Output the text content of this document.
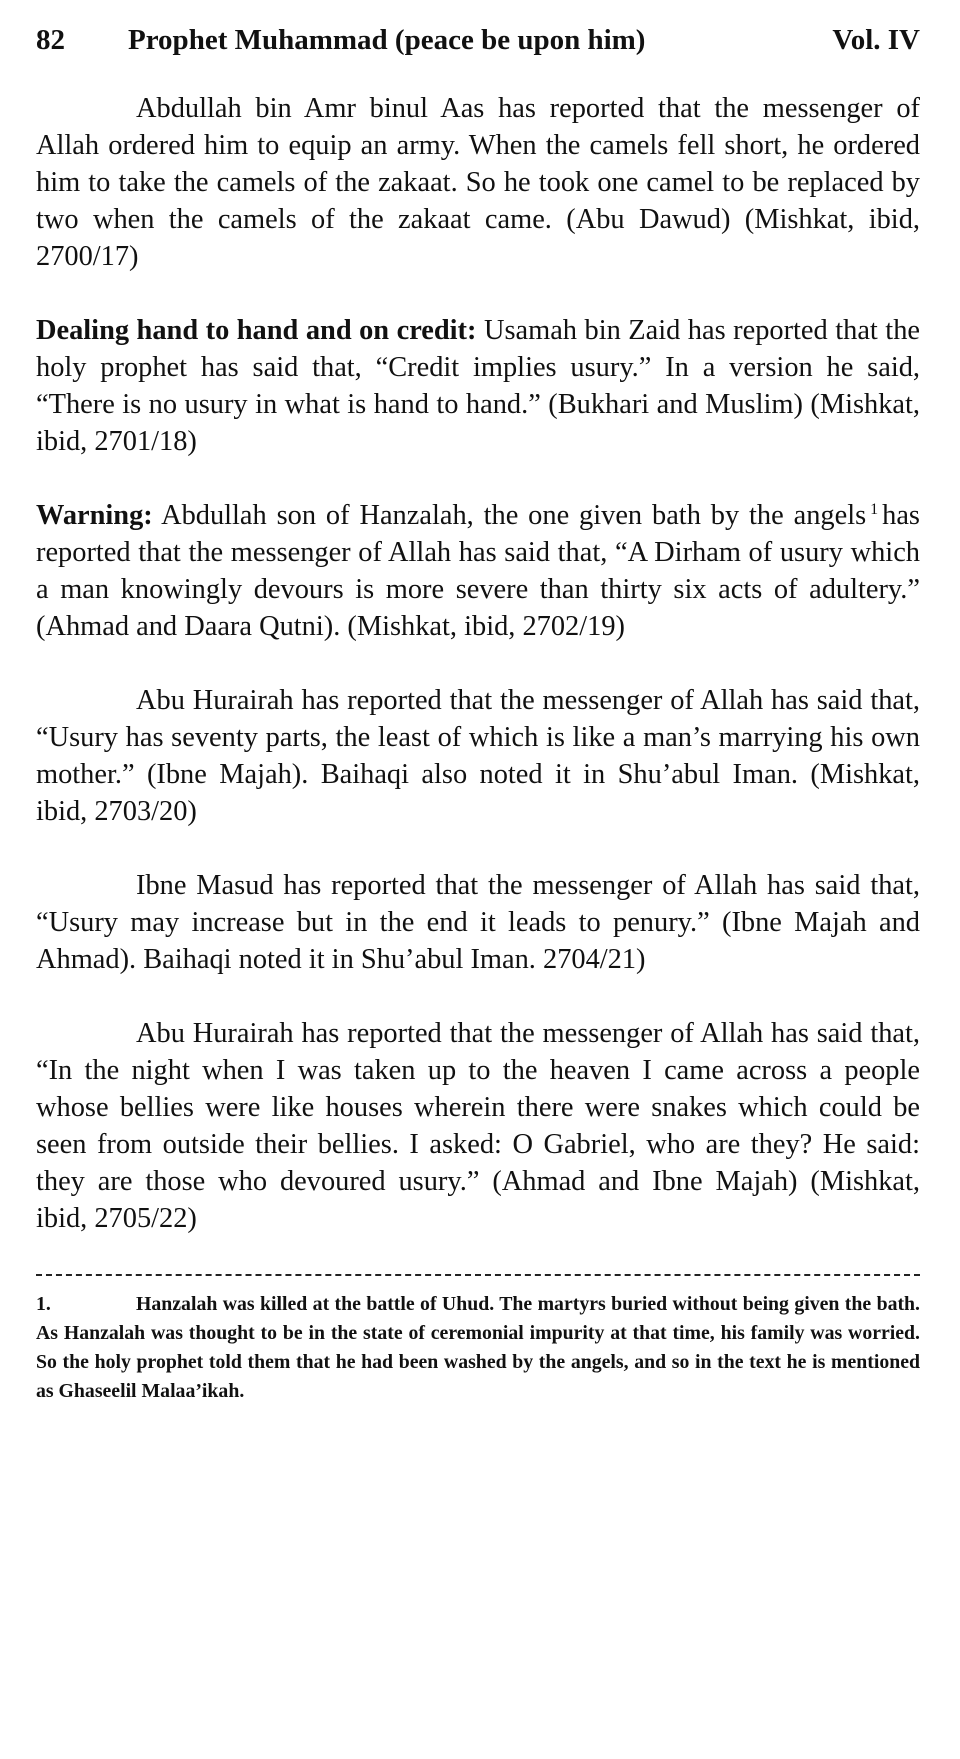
82	Prophet Muhammad (peace be upon him)	Vol. IV

Abdullah bin Amr binul Aas has reported that the messenger of Allah ordered him to equip an army. When the camels fell short, he ordered him to take the camels of the zakaat. So he took one camel to be replaced by two when the camels of the zakaat came. (Abu Dawud) (Mishkat, ibid, 2700/17)

Dealing hand to hand and on credit: Usamah bin Zaid has reported that the holy prophet has said that, “Credit implies usury.” In a version he said, “There is no usury in what is hand to hand.” (Bukhari and Muslim) (Mishkat, ibid, 2701/18)

Warning: Abdullah son of Hanzalah, the one given bath by the angels $^1$ has reported that the messenger of Allah has said that, “A Dirham of usury which a man knowingly devours is more severe than thirty six acts of adultery.” (Ahmad and Daara Qutni). (Mishkat, ibid, 2702/19)

Abu Hurairah has reported that the messenger of Allah has said that, “Usury has seventy parts, the least of which is like a man’s marrying his own mother.” (Ibne Majah). Baihaqi also noted it in Shu’abul Iman. (Mishkat, ibid, 2703/20)

Ibne Masud has reported that the messenger of Allah has said that, “Usury may increase but in the end it leads to penury.” (Ibne Majah and Ahmad). Baihaqi noted it in Shu’abul Iman. 2704/21)

Abu Hurairah has reported that the messenger of Allah has said that, “In the night when I was taken up to the heaven I came across a people whose bellies were like houses wherein there were snakes which could be seen from outside their bellies. I asked: O Gabriel, who are they? He said: they are those who devoured usury.” (Ahmad and Ibne Majah) (Mishkat, ibid, 2705/22)

1.	Hanzalah was killed at the battle of Uhud. The martyrs buried without being given the bath. As Hanzalah was thought to be in the state of ceremonial impurity at that time, his family was worried. So the holy prophet told them that he had been washed by the angels, and so in the text he is mentioned as Ghaseelil Malaa’ikah.
